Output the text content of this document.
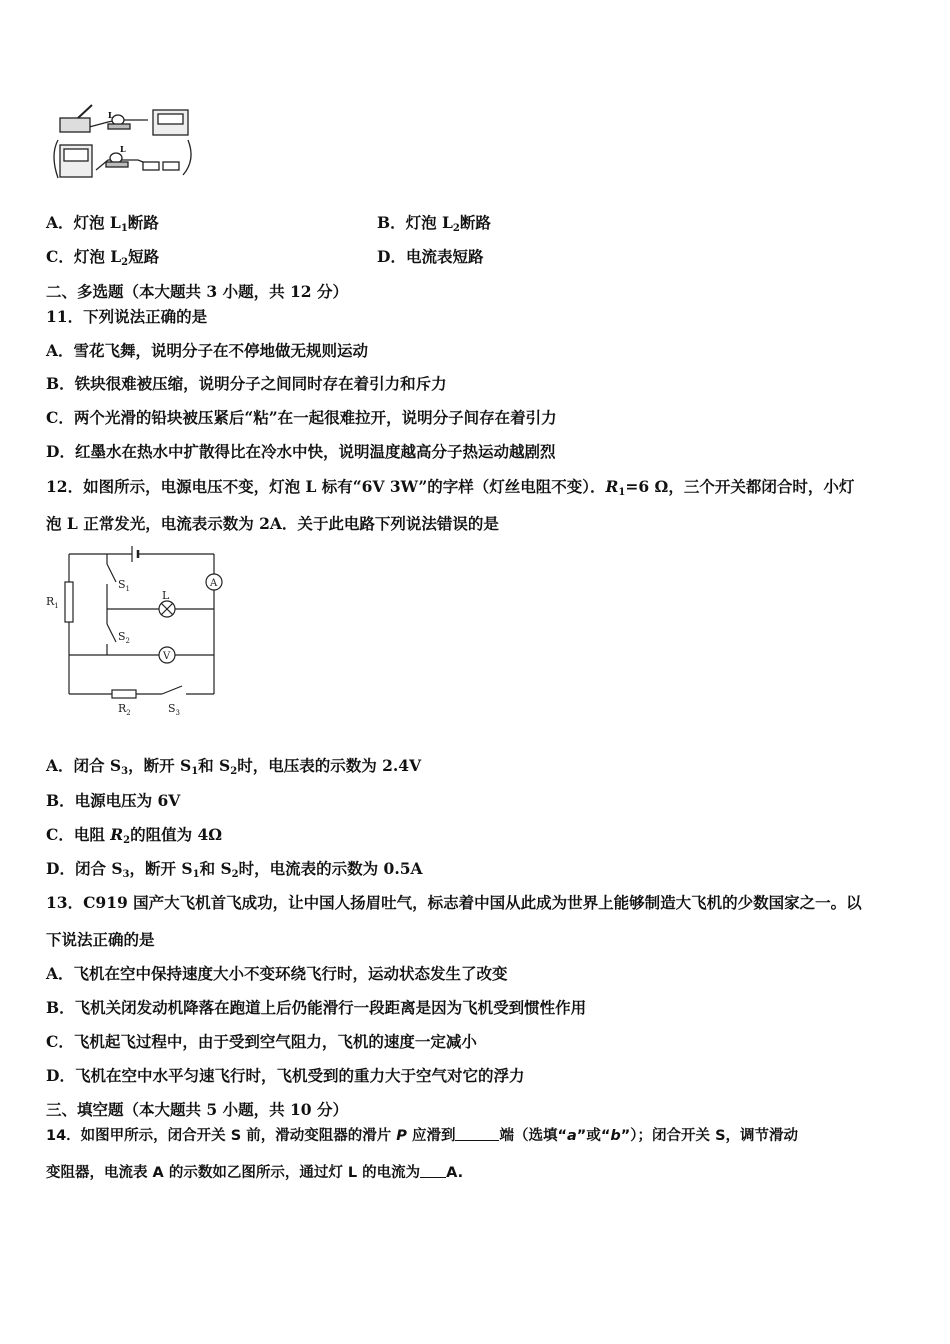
L
L
A．灯泡 $L_1$断路	B．灯泡 $L_2$断路
C．灯泡 $L_2$短路	D．电流表短路
二、多选题（本大题共 3 小题，共 12 分）
11．下列说法正确的是
A．雪花飞舞，说明分子在不停地做无规则运动
B．铁块很难被压缩，说明分子之间同时存在着引力和斥力
C．两个光滑的铅块被压紧后“粘”在一起很难拉开，说明分子间存在着引力
D．红墨水在热水中扩散得比在冷水中快，说明温度越高分子热运动越剧烈
12．如图所示，电源电压不变，灯泡 L 标有“6V 3W”的字样（灯丝电阻不变）．$R_1=6$ Ω，三个开关都闭合时，小灯
泡 L 正常发光，电流表示数为 2A．关于此电路下列说法错误的是
$R_1$
$S_1$
$S_2$
L
A
V
$R_2$	$S_3$
A．闭合 $S_3$，断开 $S_1$和 $S_2$时，电压表的示数为 2.4V
B．电源电压为 6V
C．电阻 $R_2$的阻值为 4Ω
D．闭合 $S_3$，断开 $S_1$和 $S_2$时，电流表的示数为 0.5A
13．C919 国产大飞机首飞成功，让中国人扬眉吐气，标志着中国从此成为世界上能够制造大飞机的少数国家之一。以
下说法正确的是
A．飞机在空中保持速度大小不变环绕飞行时，运动状态发生了改变
B．飞机关闭发动机降落在跑道上后仍能滑行一段距离是因为飞机受到惯性作用
C．飞机起飞过程中，由于受到空气阻力，飞机的速度一定减小
D．飞机在空中水平匀速飞行时，飞机受到的重力大于空气对它的浮力
三、填空题（本大题共 5 小题，共 10 分）
14．如图甲所示，闭合开关 S 前，滑动变阻器的滑片 P 应滑到	端（选填“a”或“b”）；闭合开关 S，调节滑动
变阻器，电流表 A 的示数如乙图所示，通过灯 L 的电流为 A.
